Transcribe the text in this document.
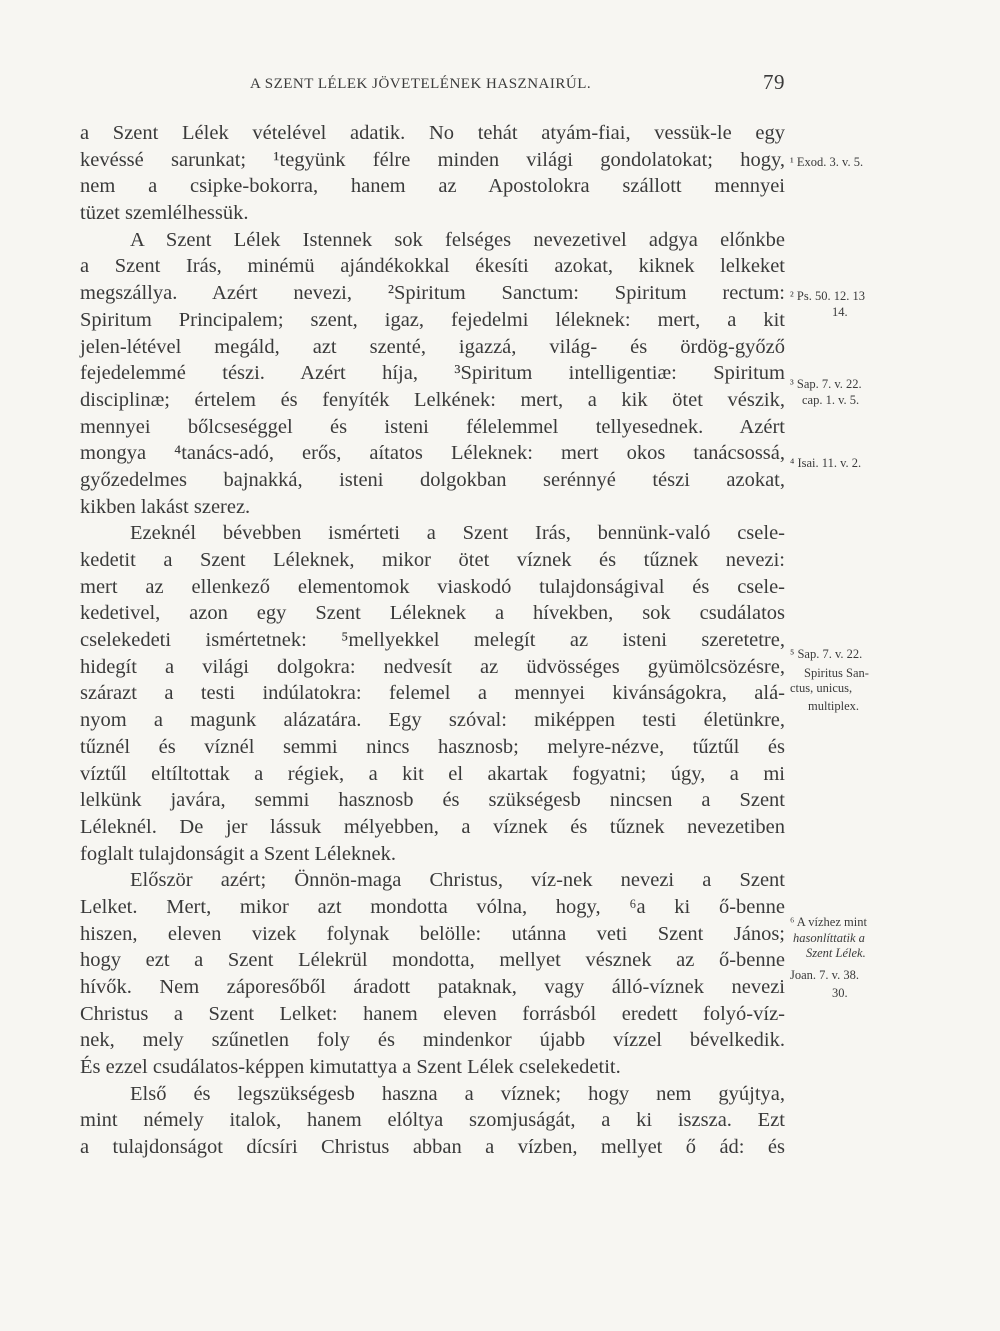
A SZENT LÉLEK JÖVETELÉNEK HASZNAIRÚL.	79
a Szent Lélek vételével adatik. No tehát atyám-fiai, vessük-le egy
kevéssé sarunkat; ¹tegyünk félre minden világi gondolatokat; hogy,
nem a csipke-bokorra, hanem az Apostolokra szállott mennyei
tüzet szemlélhessük.
A Szent Lélek Istennek sok felséges nevezetivel adgya előnkbe
a Szent Irás, minémü ajándékokkal ékesíti azokat, kiknek lelkeket
megszállya. Azért nevezi, ²Spiritum Sanctum: Spiritum rectum:
Spiritum Principalem; szent, igaz, fejedelmi léleknek: mert, a kit
jelen-létével megáld, azt szenté, igazzá, világ- és ördög-győző
fejedelemmé tészi. Azért híja, ³Spiritum intelligentiæ: Spiritum
disciplinæ; értelem és fenyíték Lelkének: mert, a kik ötet vészik,
mennyei bőlcseséggel és isteni félelemmel tellyesednek. Azért
mongya ⁴tanács-adó, erős, aítatos Léleknek: mert okos tanácsossá,
győzedelmes bajnakká, isteni dolgokban serénnyé tészi azokat,
kikben lakást szerez.
Ezeknél bévebben ismérteti a Szent Irás, bennünk-való csele-
kedetit a Szent Léleknek, mikor ötet víznek és tűznek nevezi:
mert az ellenkező elementomok viaskodó tulajdonságival és csele-
kedetivel, azon egy Szent Léleknek a hívekben, sok csudálatos
cselekedeti ismértetnek: ⁵mellyekkel melegít az isteni szeretetre,
hidegít a világi dolgokra: nedvesít az üdvösséges gyümölcsözésre,
szárazt a testi indúlatokra: felemel a mennyei kivánságokra, alá-
nyom a magunk alázatára. Egy szóval: miképpen testi életünkre,
tűznél és víznél semmi nincs hasznosb; melyre-nézve, tűztűl és
víztűl eltíltottak a régiek, a kit el akartak fogyatni; úgy, a mi
lelkünk javára, semmi hasznosb és szükségesb nincsen a Szent
Léleknél. De jer lássuk mélyebben, a víznek és tűznek nevezetiben
foglalt tulajdonságit a Szent Léleknek.
Először azért; Önnön-maga Christus, víz-nek nevezi a Szent
Lelket. Mert, mikor azt mondotta vólna, hogy, ⁶a ki ő-benne
hiszen, eleven vizek folynak belölle: utánna veti Szent János;
hogy ezt a Szent Lélekrül mondotta, mellyet vésznek az ő-benne
hívők. Nem záporesőből áradott pataknak, vagy álló-víznek nevezi
Christus a Szent Lelket: hanem eleven forrásból eredett folyó-víz-
nek, mely szűnetlen foly és mindenkor újabb vízzel bévelkedik.
És ezzel csudálatos-képpen kimutattya a Szent Lélek cselekedetit.
Első és legszükségesb haszna a víznek; hogy nem gyújtya,
mint némely italok, hanem elóltya szomjuságát, a ki iszsza. Ezt
a tulajdonságot dícsíri Christus abban a vízben, mellyet ő ád: és
¹ Exod. 3. v. 5.
² Ps. 50. 12. 13
14.
³ Sap. 7. v. 22.
cap. 1. v. 5.
⁴ Isai. 11. v. 2.
⁵ Sap. 7. v. 22.
Spiritus San-
ctus, unicus,
multiplex.
⁶ A vízhez mint
hasonlíttatik a
Szent Lélek.
Joan. 7. v. 38.
30.
